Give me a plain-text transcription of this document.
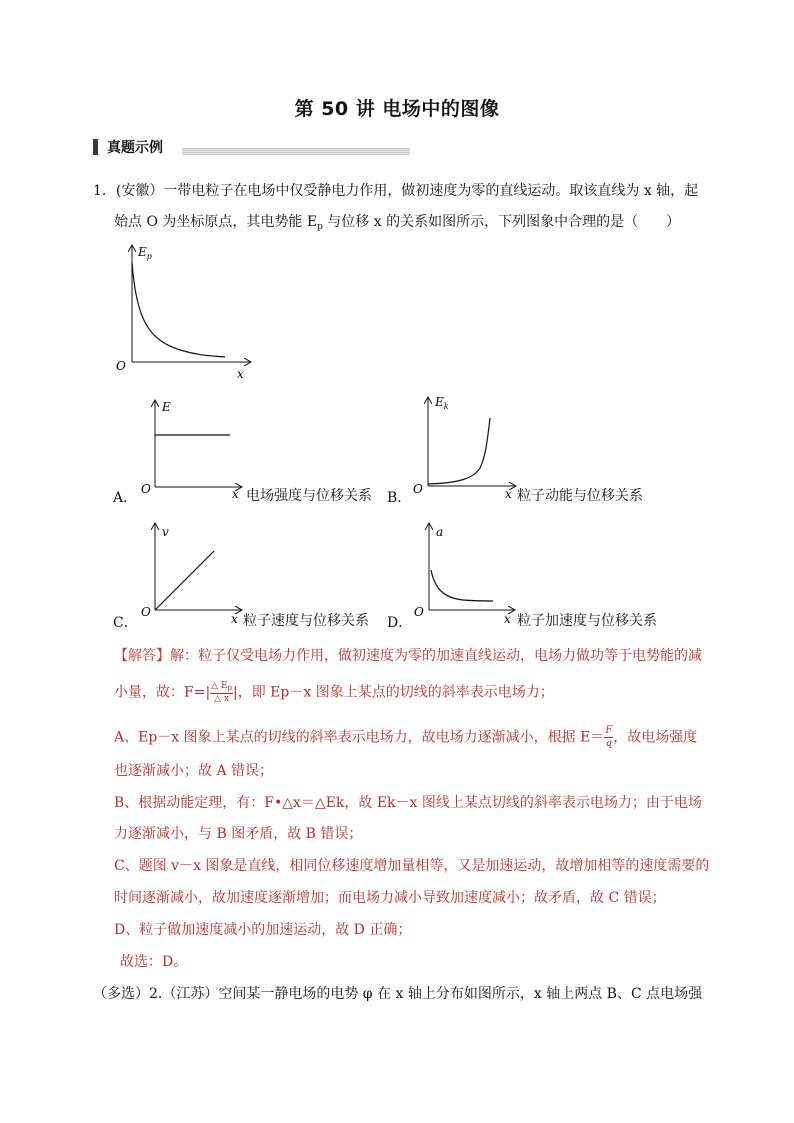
第 50 讲 电场中的图像
真题示例
1．(安徽）一带电粒子在电场中仅受静电力作用，做初速度为零的直线运动。取该直线为 x 轴，起
始点 O 为坐标原点，其电势能 $E_p$ 与位移 x 的关系如图所示，下列图象中合理的是（　　）
$E_p$
x
O
A．
E
x
O	电场强度与位移关系 B．
$E_k$
x
O	粒子动能与位移关系
C．
v
x
O
粒子速度与位移关系 D．
a
x
O
粒子加速度与位移关系
【解答】解：粒子仅受电场力作用，做初速度为零的加速直线运动，电场力做功等于电势能的减
小量，故：$F=| \frac{\triangle E_p}{\triangle x}$ |，即 Ep－x 图象上某点的切线的斜率表示电场力；
A、Ep－x 图象上某点的切线的斜率表示电场力，故电场力逐渐减小，根据 $E= \frac{F}{q}$ ，故电场强度
也逐渐减小；故 A 错误；
B、根据动能定理，有：F•△x＝△Ek，故 Ek－x 图线上某点切线的斜率表示电场力；由于电场
力逐渐减小，与 B 图矛盾，故 B 错误；
C、题图 v－x 图象是直线，相同位移速度增加量相等，又是加速运动，故增加相等的速度需要的
时间逐渐减小，故加速度逐渐增加；而电场力减小导致加速度减小；故矛盾，故 C 错误；
D、粒子做加速度减小的加速运动，故 D 正确；
故选：D。
（多选）2.（江苏）空间某一静电场的电势 φ 在 x 轴上分布如图所示，x 轴上两点 B、C 点电场强
